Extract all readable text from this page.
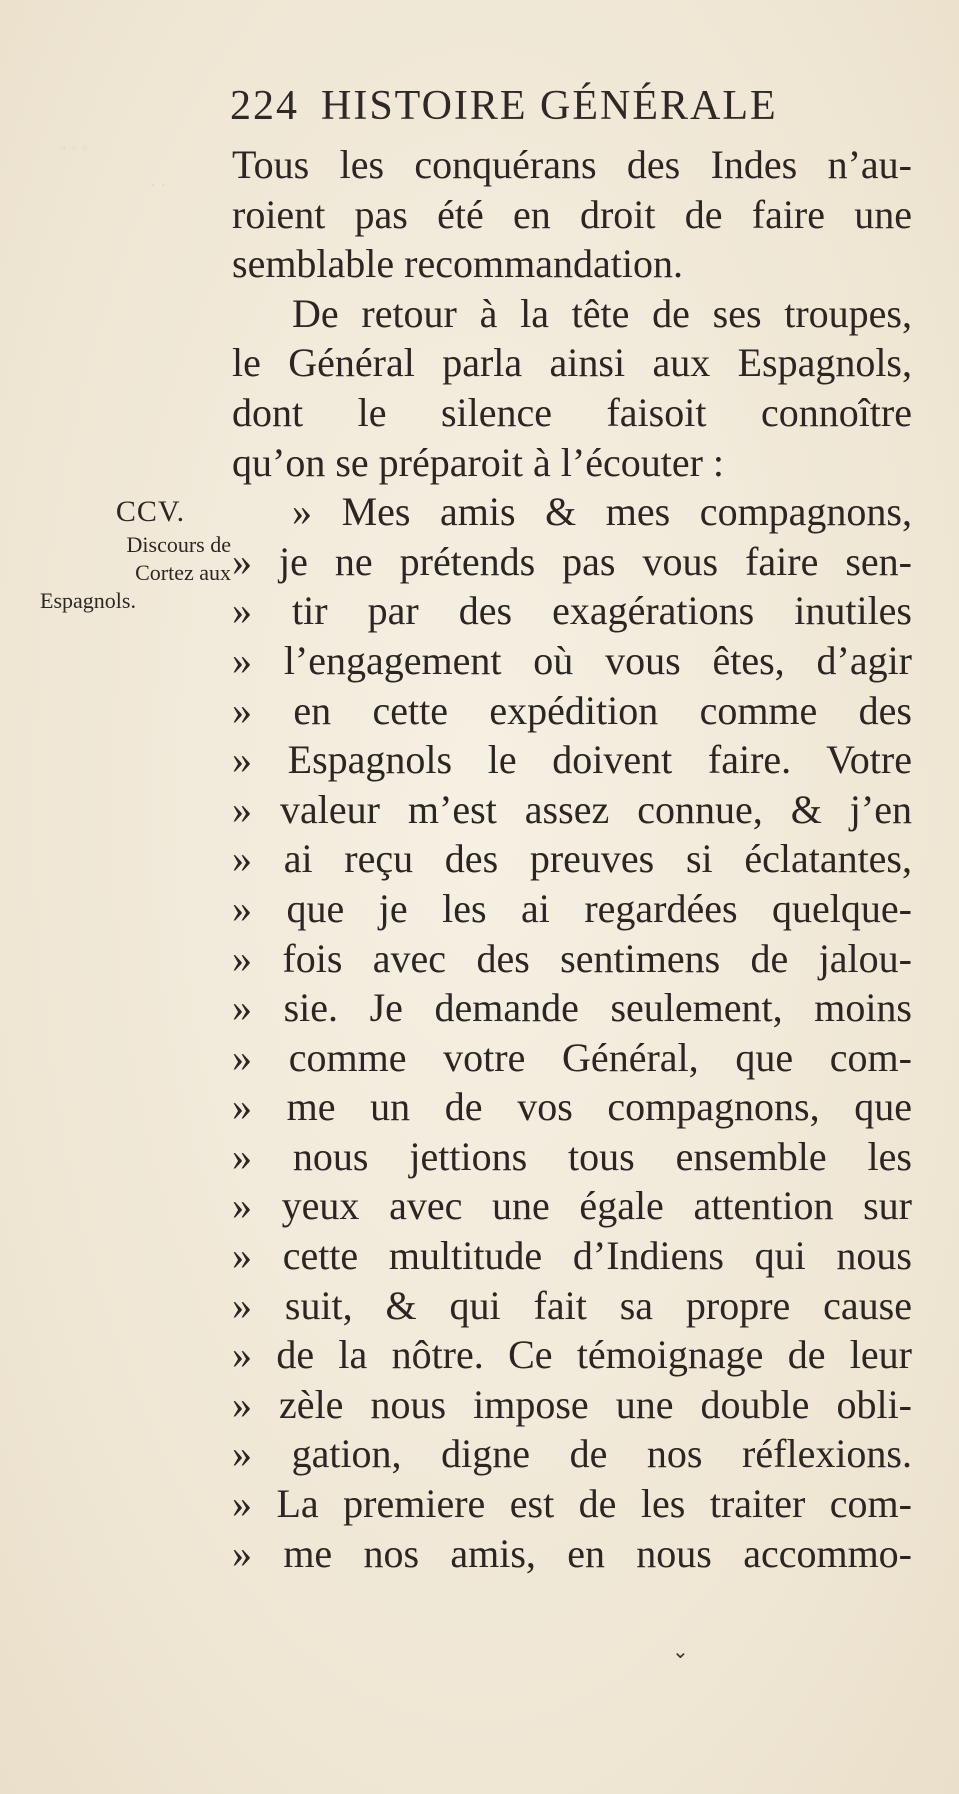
◦ ◦ ◦
· ·
224 HISTOIRE GÉNÉRALE
CCV.
Discours de
Cortez aux
Espagnols.
Tous les conquérans des Indes n’au-
roient pas été en droit de faire une
semblable recommandation.
De retour à la tête de ses troupes,
le Général parla ainsi aux Espagnols,
dont le silence faisoit connoître
qu’on se préparoit à l’écouter :
» Mes amis & mes compagnons,
» je ne prétends pas vous faire sen-
» tir par des exagérations inutiles
» l’engagement où vous êtes, d’agir
» en cette expédition comme des
» Espagnols le doivent faire. Votre
» valeur m’est assez connue, & j’en
» ai reçu des preuves si éclatantes,
» que je les ai regardées quelque-
» fois avec des sentimens de jalou-
» sie. Je demande seulement, moins
» comme votre Général, que com-
» me un de vos compagnons, que
» nous jettions tous ensemble les
» yeux avec une égale attention sur
» cette multitude d’Indiens qui nous
» suit, & qui fait sa propre cause
» de la nôtre. Ce témoignage de leur
» zèle nous impose une double obli-
» gation, digne de nos réflexions.
» La premiere est de les traiter com-
» me nos amis, en nous accommo-
⌄
